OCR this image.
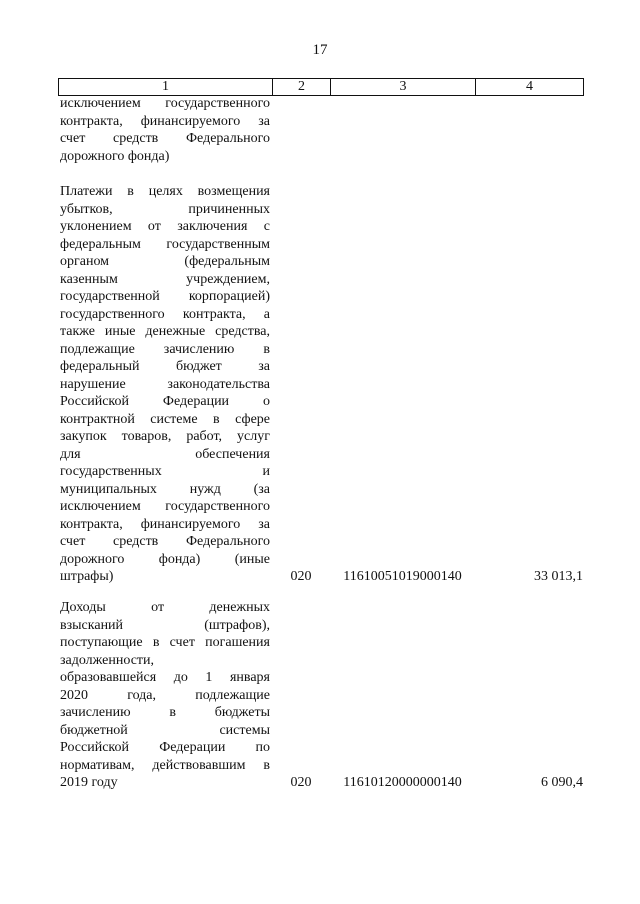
17
1	2	3	4
исключением государственного
контракта, финансируемого за
счет средств Федерального
дорожного фонда)
Платежи в целях возмещения
убытков, причиненных
уклонением от заключения с
федеральным государственным
органом (федеральным
казенным учреждением,
государственной корпорацией)
государственного контракта, а
также иные денежные средства,
подлежащие зачислению в
федеральный бюджет за
нарушение законодательства
Российской Федерации о
контрактной системе в сфере
закупок товаров, работ, услуг
для обеспечения
государственных и
муниципальных нужд (за
исключением государственного
контракта, финансируемого за
счет средств Федерального
дорожного фонда) (иные
штрафы)	020	11610051019000140	33 013,1
Доходы от денежных
взысканий (штрафов),
поступающие в счет погашения
задолженности,
образовавшейся до 1 января
2020 года, подлежащие
зачислению в бюджеты
бюджетной системы
Российской Федерации по
нормативам, действовавшим в
2019 году	020	11610120000000140	6 090,4
